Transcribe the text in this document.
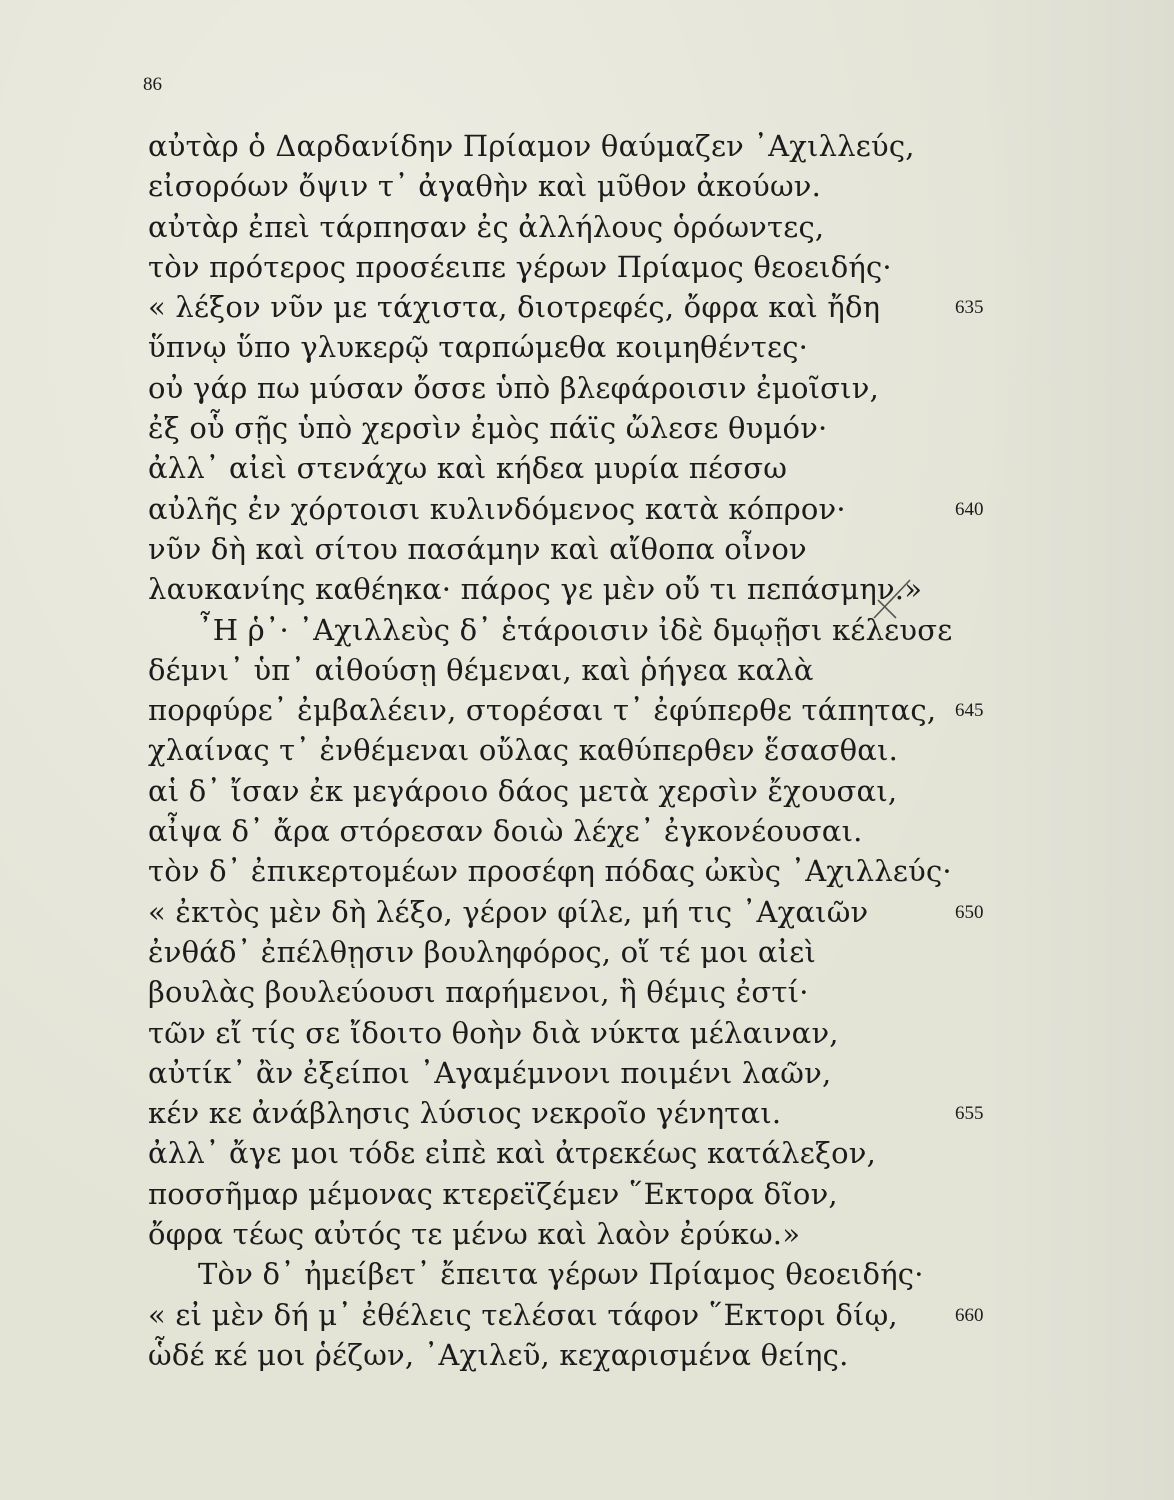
86
αὐτὰρ ὁ Δαρδανίδην Πρίαμον θαύμαζεν ᾿Αχιλλεύς,
εἰσορόων ὄψιν τ᾿ ἀγαθὴν καὶ μῦθον ἀκούων.
αὐτὰρ ἐπεὶ τάρπησαν ἐς ἀλλήλους ὁρόωντες,
τὸν πρότερος προσέειπε γέρων Πρίαμος θεοειδής·
« λέξον νῦν με τάχιστα, διοτρεφές, ὄφρα καὶ ἤδη	635
ὕπνῳ ὕπο γλυκερῷ ταρπώμεθα κοιμηθέντες·
οὐ γάρ πω μύσαν ὄσσε ὑπὸ βλεφάροισιν ἐμοῖσιν,
ἐξ οὗ σῇς ὑπὸ χερσὶν ἐμὸς πάϊς ὤλεσε θυμόν·
ἀλλ᾿ αἰεὶ στενάχω καὶ κήδεα μυρία πέσσω
αὐλῆς ἐν χόρτοισι κυλινδόμενος κατὰ κόπρον·	640
νῦν δὴ καὶ σίτου πασάμην καὶ αἴθοπα οἶνον
λαυκανίης καθέηκα· πάρος γε μὲν οὔ τι πεπάσμην.»
῏Η ῥ᾿· ᾿Αχιλλεὺς δ᾿ ἑτάροισιν ἰδὲ δμῳῇσι κέλευσε
δέμνι᾿ ὑπ᾿ αἰθούσῃ θέμεναι, καὶ ῥήγεα καλὰ
πορφύρε᾿ ἐμβαλέειν, στορέσαι τ᾿ ἐφύπερθε τάπητας, 645
χλαίνας τ᾿ ἐνθέμεναι οὔλας καθύπερθεν ἕσασθαι.
αἱ δ᾿ ἴσαν ἐκ μεγάροιο δάος μετὰ χερσὶν ἔχουσαι,
αἶψα δ᾿ ἄρα στόρεσαν δοιὼ λέχε᾿ ἐγκονέουσαι.
τὸν δ᾿ ἐπικερτομέων προσέφη πόδας ὠκὺς ᾿Αχιλλεύς·
« ἐκτὸς μὲν δὴ λέξο, γέρον φίλε, μή τις ᾿Αχαιῶν	650
ἐνθάδ᾿ ἐπέλθῃσιν βουληφόρος, οἵ τέ μοι αἰεὶ
βουλὰς βουλεύουσι παρήμενοι, ἣ θέμις ἐστί·
τῶν εἴ τίς σε ἴδοιτο θοὴν διὰ νύκτα μέλαιναν,
αὐτίκ᾿ ἂν ἐξείποι ᾿Αγαμέμνονι ποιμένι λαῶν,
κέν κε ἀνάβλησις λύσιος νεκροῖο γένηται.	655
ἀλλ᾿ ἄγε μοι τόδε εἰπὲ καὶ ἀτρεκέως κατάλεξον,
ποσσῆμαρ μέμονας κτερεϊζέμεν ῞Εκτορα δῖον,
ὄφρα τέως αὐτός τε μένω καὶ λαὸν ἐρύκω.»
Τὸν δ᾿ ἠμείβετ᾿ ἔπειτα γέρων Πρίαμος θεοειδής·
« εἰ μὲν δή μ᾿ ἐθέλεις τελέσαι τάφον ῞Εκτορι δίῳ,	660
ὧδέ κέ μοι ῥέζων, ᾿Αχιλεῦ, κεχαρισμένα θείης.
